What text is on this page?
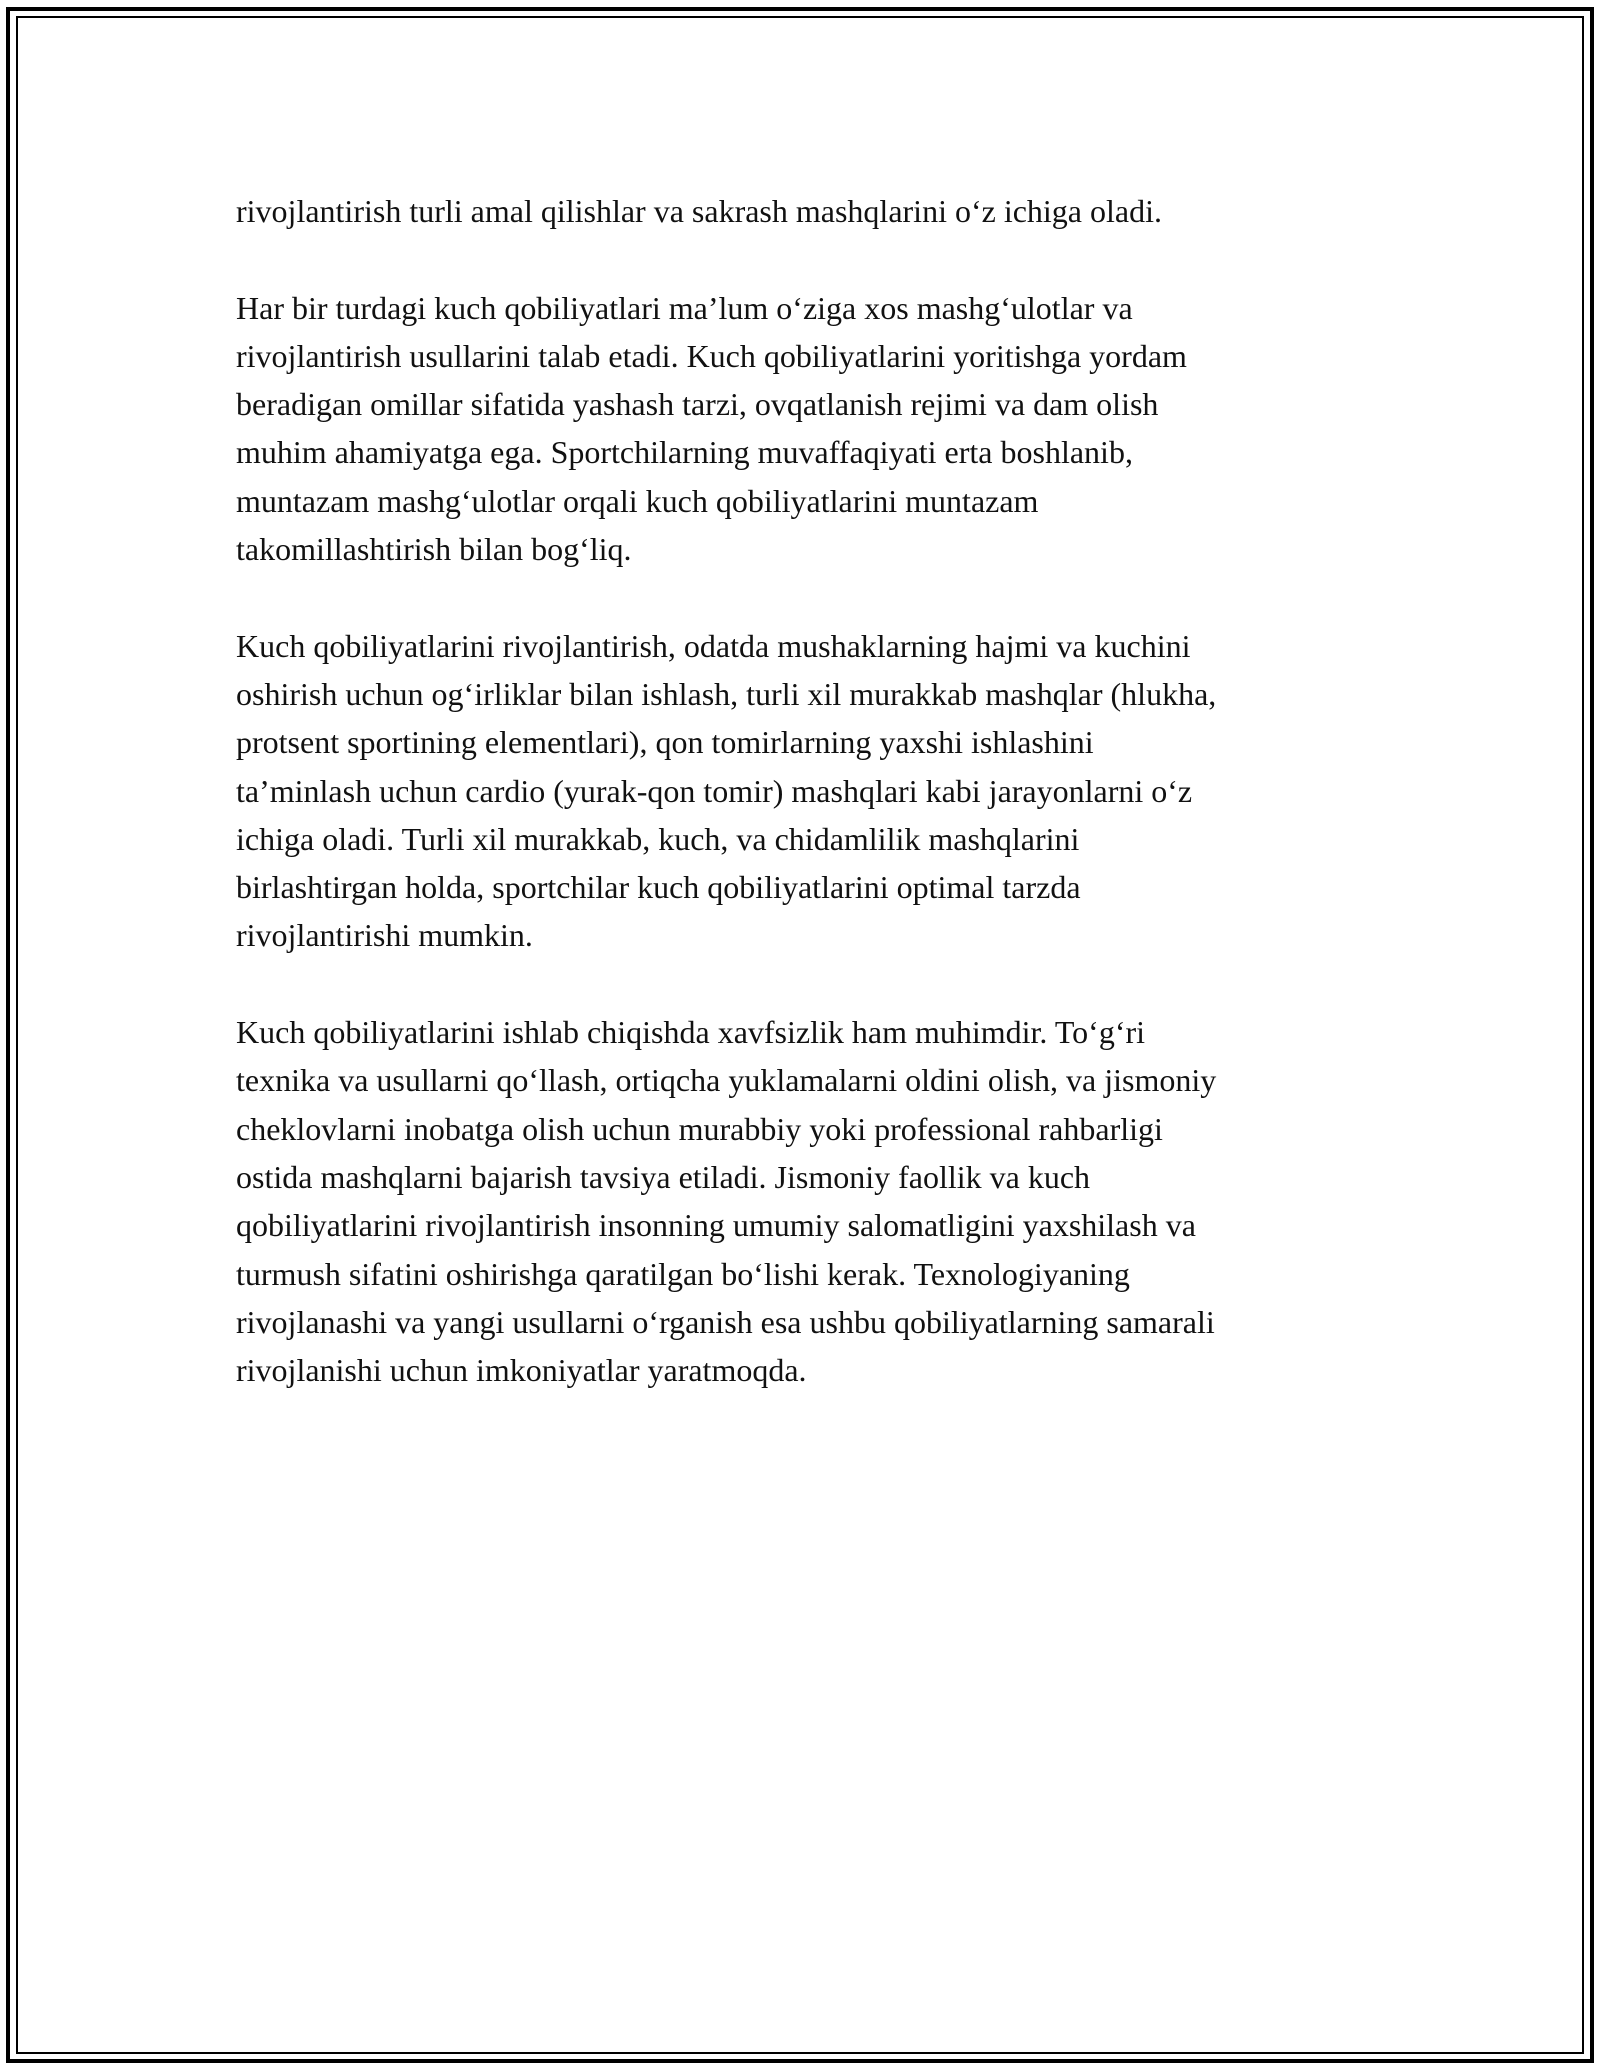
rivojlantirish turli amal qilishlar va sakrash mashqlarini o‘z ichiga oladi.

Har bir turdagi kuch qobiliyatlari ma’lum o‘ziga xos mashg‘ulotlar va
rivojlantirish usullarini talab etadi. Kuch qobiliyatlarini yoritishga yordam
beradigan omillar sifatida yashash tarzi, ovqatlanish rejimi va dam olish
muhim ahamiyatga ega. Sportchilarning muvaffaqiyati erta boshlanib,
muntazam mashg‘ulotlar orqali kuch qobiliyatlarini muntazam
takomillashtirish bilan bog‘liq.

Kuch qobiliyatlarini rivojlantirish, odatda mushaklarning hajmi va kuchini
oshirish uchun og‘irliklar bilan ishlash, turli xil murakkab mashqlar (hlukha,
protsent sportining elementlari), qon tomirlarning yaxshi ishlashini
ta’minlash uchun cardio (yurak-qon tomir) mashqlari kabi jarayonlarni o‘z
ichiga oladi. Turli xil murakkab, kuch, va chidamlilik mashqlarini
birlashtirgan holda, sportchilar kuch qobiliyatlarini optimal tarzda
rivojlantirishi mumkin.

Kuch qobiliyatlarini ishlab chiqishda xavfsizlik ham muhimdir. To‘g‘ri
texnika va usullarni qo‘llash, ortiqcha yuklamalarni oldini olish, va jismoniy
cheklovlarni inobatga olish uchun murabbiy yoki professional rahbarligi
ostida mashqlarni bajarish tavsiya etiladi. Jismoniy faollik va kuch
qobiliyatlarini rivojlantirish insonning umumiy salomatligini yaxshilash va
turmush sifatini oshirishga qaratilgan bo‘lishi kerak. Texnologiyaning
rivojlanashi va yangi usullarni o‘rganish esa ushbu qobiliyatlarning samarali
rivojlanishi uchun imkoniyatlar yaratmoqda.
